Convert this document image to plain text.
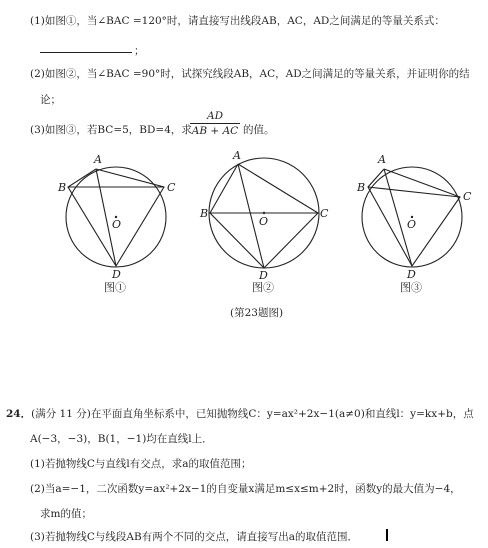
(1)如图①，当∠BAC =120°时，请直接写出线段AB，AC，AD之间满足的等量关系式：
；
(2)如图②，当∠BAC =90°时，试探究线段AB，AC，AD之间满足的等量关系，并证明你的结
论；
(3)如图③，若BC=5，BD=4，求
AD
AB + AC 的值。
A
B	C
O
D
A
B	C
O
D
A
B
C
O
D
图①	图②	图③
(第23题图)
24．(满分 11 分)在平面直角坐标系中，已知抛物线C：y=ax²+2x−1(a≠0)和直线l：y=kx+b，点
A(−3，−3)，B(1，−1)均在直线l上．
(1)若抛物线C与直线l有交点，求a的取值范围；
(2)当a=−1，二次函数y=ax²+2x−1的自变量x满足m≤x≤m+2时，函数y的最大值为−4，
求m的值；
(3)若抛物线C与线段AB有两个不同的交点，请直接写出a的取值范围．
